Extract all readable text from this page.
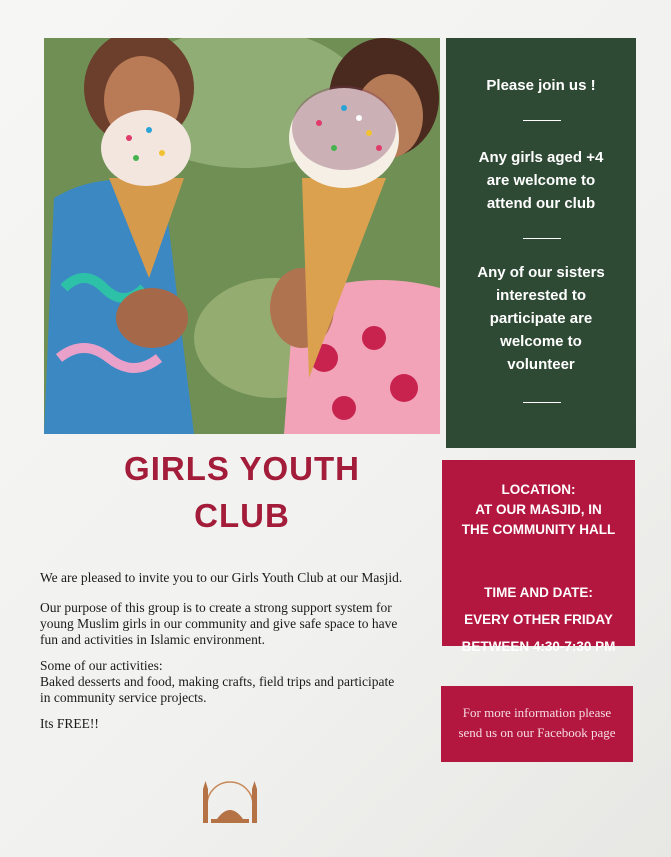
Please join us !
Any girls aged +4
are welcome to
attend our club
Any of our sisters
interested to
participate are
welcome to
volunteer
GIRLS YOUTH
CLUB
LOCATION:
AT OUR MASJID, IN
THE COMMUNITY HALL
TIME AND DATE:
EVERY OTHER FRIDAY
BETWEEN 4:30-7:30 PM
For more information please
send us on our Facebook page
We are pleased to invite you to our Girls Youth Club at our Masjid.
Our purpose of this group is to create a strong support system for
young Muslim girls in our community and give safe space to have
fun and activities in Islamic environment.
Some of our activities:
Baked desserts and food, making crafts, field trips and participate
in community service projects.
Its FREE!!
